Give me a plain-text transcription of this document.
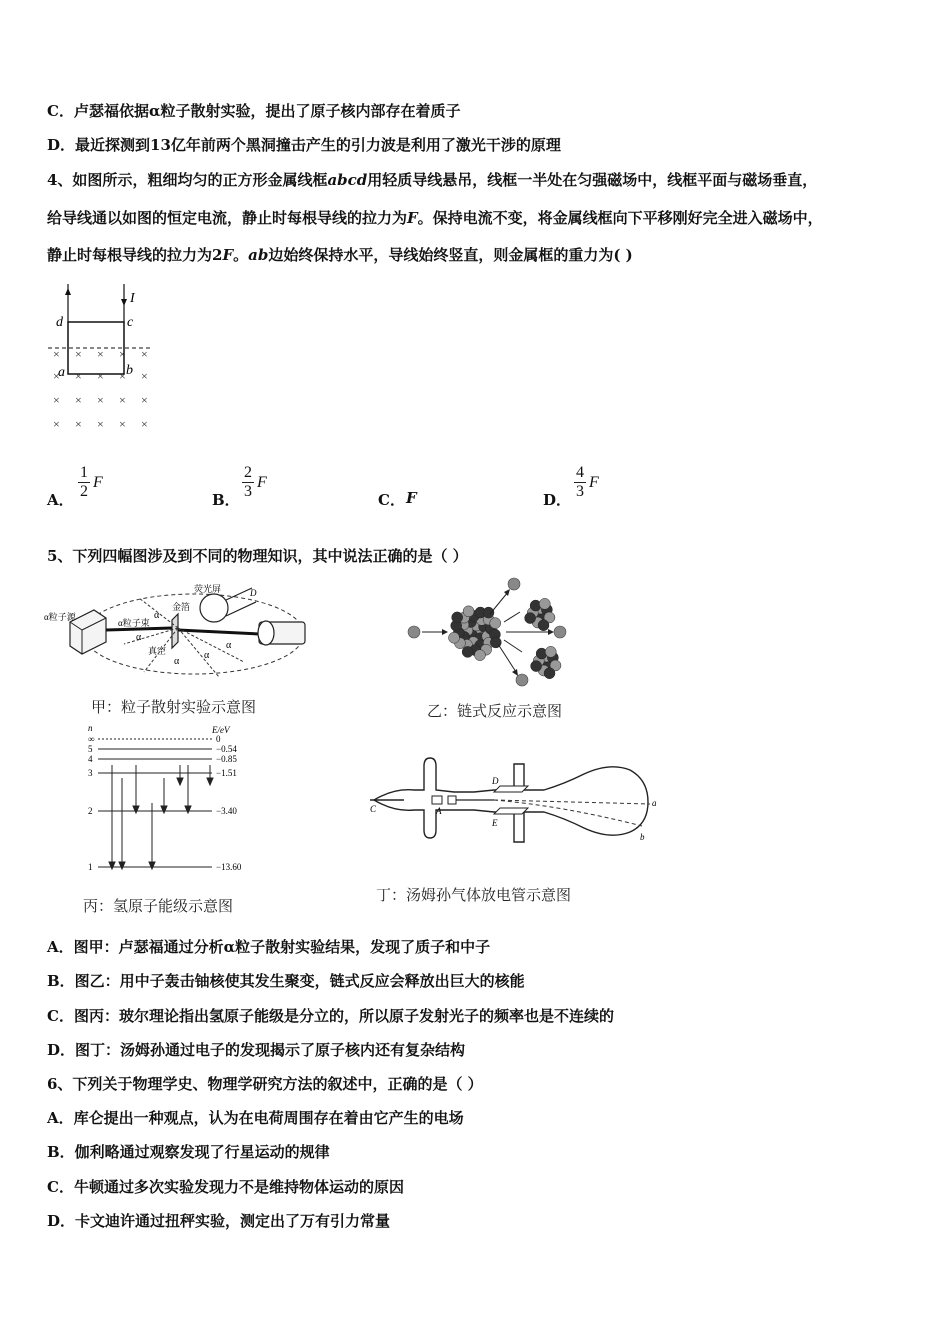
C．卢瑟福依据α粒子散射实验，提出了原子核内部存在着质子
D．最近探测到13亿年前两个黑洞撞击产生的引力波是利用了激光干涉的原理
4、如图所示，粗细均匀的正方形金属线框abcd用轻质导线悬吊，线框一半处在匀强磁场中，线框平面与磁场垂直，
给导线通以如图的恒定电流，静止时每根导线的拉力为F。保持电流不变，将金属线框向下平移刚好完全进入磁场中，
静止时每根导线的拉力为2F。ab边始终保持水平，导线始终竖直，则金属框的重力为( )
I
d	c
a	b
× × × × ×
× × × × ×
× × × × ×
× × × × ×
A． $\frac{1}{2}$ F
B． $\frac{2}{3}$ F
C． F	D． $\frac{4}{3}$ F
5、下列四幅图涉及到不同的物理知识，其中说法正确的是（ ）
α粒子源
α粒子束
荧光屏
金箔
真空
α
α
α
α
α
D
甲：粒子散射实验示意图	乙：链式反应示意图
n	E/eV
∞	0
5	−0.54
4	−0.85
3	−1.51
2	−3.40
1	−13.60
丙：氢原子能级示意图
C	A
D
E
a
b
丁：汤姆孙气体放电管示意图
A．图甲：卢瑟福通过分析α粒子散射实验结果，发现了质子和中子
B．图乙：用中子轰击铀核使其发生聚变，链式反应会释放出巨大的核能
C．图丙：玻尔理论指出氢原子能级是分立的，所以原子发射光子的频率也是不连续的
D．图丁：汤姆孙通过电子的发现揭示了原子核内还有复杂结构
6、下列关于物理学史、物理学研究方法的叙述中，正确的是（ ）
A．库仑提出一种观点，认为在电荷周围存在着由它产生的电场
B．伽利略通过观察发现了行星运动的规律
C．牛顿通过多次实验发现力不是维持物体运动的原因
D．卡文迪许通过扭秤实验，测定出了万有引力常量
